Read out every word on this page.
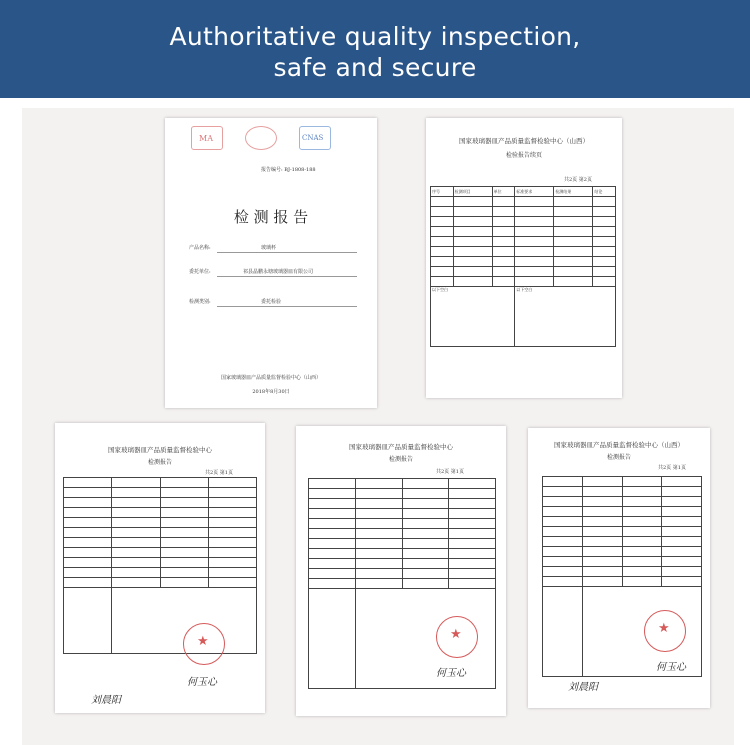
Authoritative quality inspection,
safe and secure
MA	CNAS
报告编号: BJ-1808-188
检 测 报 告
产品名称:	玻璃杯
委托单位:	祁县晶鹏永塘玻璃器皿有限公司
检测类别:	委托检验
国家玻璃器皿产品质量监督检验中心（山西）
2018年8月30日
国家玻璃器皿产品质量监督检验中心（山西）
检验报告续页
共2页 第2页
序号	检测项目	单位	标准要求	检测结果	结论

以下空白			以下空白		
国家玻璃器皿产品质量监督检验中心
检测报告
共2页 第1页

★
何玉心
刘晨阳
国家玻璃器皿产品质量监督检验中心
检测报告
共2页 第1页

★
何玉心
国家玻璃器皿产品质量监督检验中心（山西）
检测报告
共2页 第1页

★
何玉心
刘晨阳
